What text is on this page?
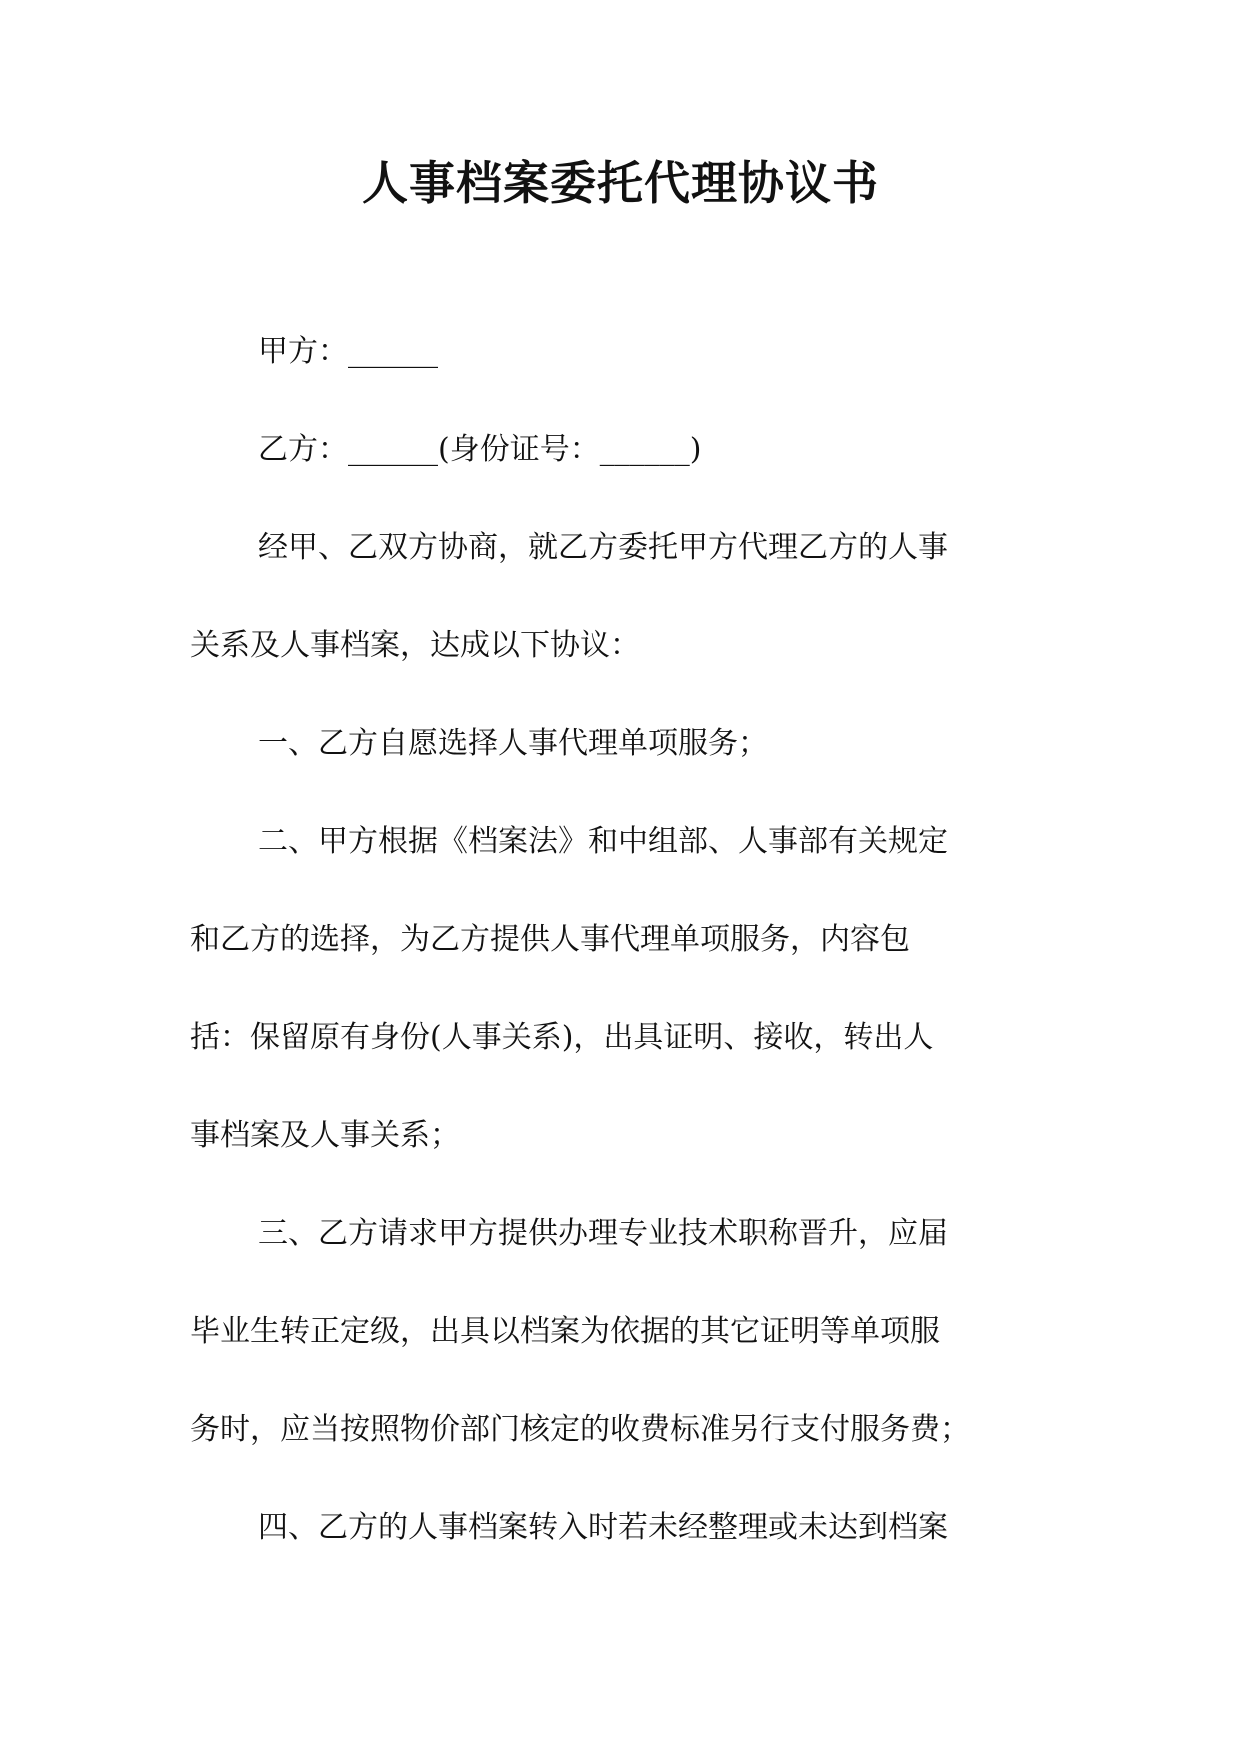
人事档案委托代理协议书
甲方：______
乙方：______(身份证号：______)
经甲、乙双方协商，就乙方委托甲方代理乙方的人事
关系及人事档案，达成以下协议：
一、乙方自愿选择人事代理单项服务；
二、甲方根据《档案法》和中组部、人事部有关规定
和乙方的选择，为乙方提供人事代理单项服务，内容包
括：保留原有身份(人事关系)，出具证明、接收，转出人
事档案及人事关系；
三、乙方请求甲方提供办理专业技术职称晋升，应届
毕业生转正定级，出具以档案为依据的其它证明等单项服
务时，应当按照物价部门核定的收费标准另行支付服务费；
四、乙方的人事档案转入时若未经整理或未达到档案
